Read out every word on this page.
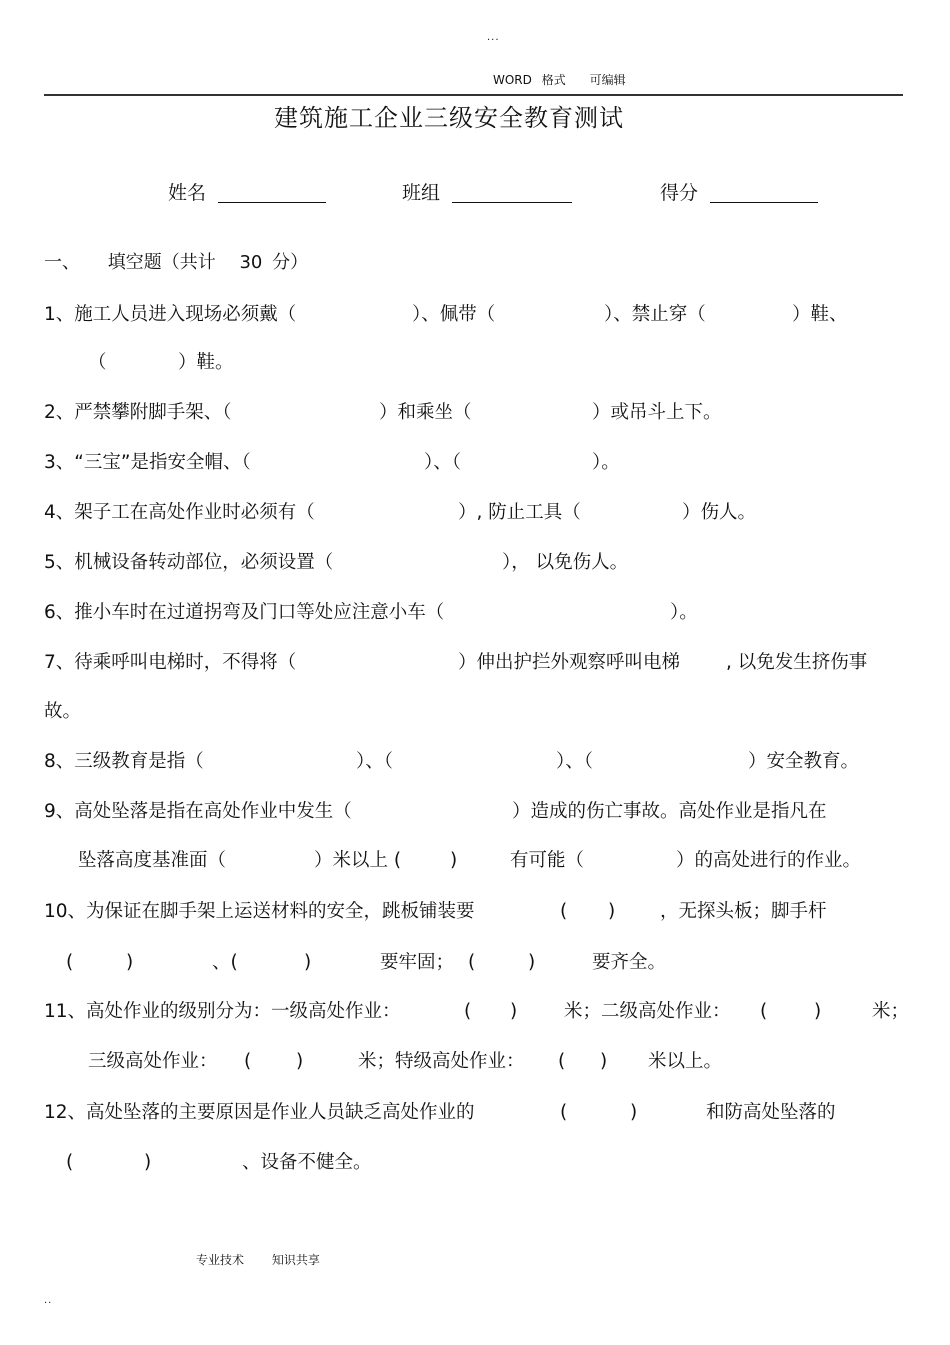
...
WORD 格式 可编辑
建筑施工企业三级安全教育测试
姓名	班组	得分
一、 填空题（共计 30 分）
1、施工人员进入现场必须戴（	）、佩带（	）、禁止穿（	）鞋、
（	）鞋。
2、严禁攀附脚手架、（	）和乘坐（	）或吊斗上下。
3、“三宝”是指安全帽、（	）、（	）。
4、架子工在高处作业时必须有（	）, 防止工具（	）伤人。
5、机械设备转动部位，必须设置（	）， 以免伤人。
6、推小车时在过道拐弯及门口等处应注意小车（	）。
7、待乘呼叫电梯时，不得将（	）伸出护拦外观察呼叫电梯 , 以免发生挤伤事
故。
8、三级教育是指（	）、（	）、（	）安全教育。
9、高处坠落是指在高处作业中发生（	）造成的伤亡事故。高处作业是指凡在
坠落高度基准面（	）米以上 (	)	有可能（	）的高处进行的作业。
10、为保证在脚手架上运送材料的安全，跳板铺装要	( ) ，无探头板；脚手杆
(	)	、(	)	要牢固； (	)	要齐全。
11、高处作业的级别分为：一级高处作业：	( )	米；二级高处作业： (	)	米；
三级高处作业： ( )	米；特级高处作业： ( ) 米以上。
12、高处坠落的主要原因是作业人员缺乏高处作业的	(	)	和防高处坠落的
(	)	、设备不健全。
专业技术 知识共享
..
